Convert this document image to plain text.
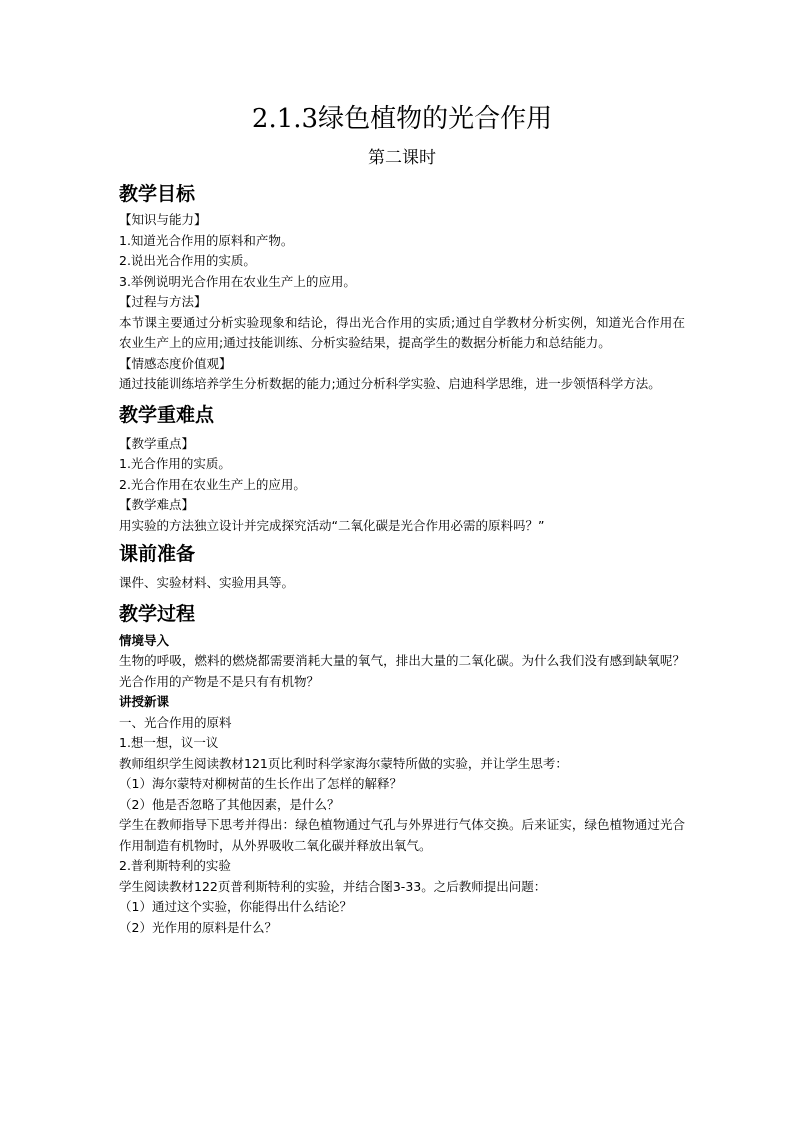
2.1.3绿色植物的光合作用

第二课时

教学目标

【知识与能力】

1.知道光合作用的原料和产物。

2.说出光合作用的实质。

3.举例说明光合作用在农业生产上的应用。

【过程与方法】

本节课主要通过分析实验现象和结论，得出光合作用的实质;通过自学教材分析实例，知道光合作用在农业生产上的应用;通过技能训练、分析实验结果，提高学生的数据分析能力和总结能力。

【情感态度价值观】

通过技能训练培养学生分析数据的能力;通过分析科学实验、启迪科学思维，进一步领悟科学方法。

教学重难点

【教学重点】

1.光合作用的实质。

2.光合作用在农业生产上的应用。

【教学难点】

用实验的方法独立设计并完成探究活动“二氧化碳是光合作用必需的原料吗？”

课前准备

课件、实验材料、实验用具等。

教学过程

情境导入

生物的呼吸，燃料的燃烧都需要消耗大量的氧气，排出大量的二氧化碳。为什么我们没有感到缺氧呢？光合作用的产物是不是只有有机物？

讲授新课

一、光合作用的原料

1.想一想，议一议

教师组织学生阅读教材121页比利时科学家海尔蒙特所做的实验，并让学生思考：

（1）海尔蒙特对柳树苗的生长作出了怎样的解释？

（2）他是否忽略了其他因素，是什么？

学生在教师指导下思考并得出：绿色植物通过气孔与外界进行气体交换。后来证实，绿色植物通过光合作用制造有机物时，从外界吸收二氧化碳并释放出氧气。

2.普利斯特利的实验

学生阅读教材122页普利斯特利的实验，并结合图3-33。之后教师提出问题：

（1）通过这个实验，你能得出什么结论？

（2）光作用的原料是什么？
